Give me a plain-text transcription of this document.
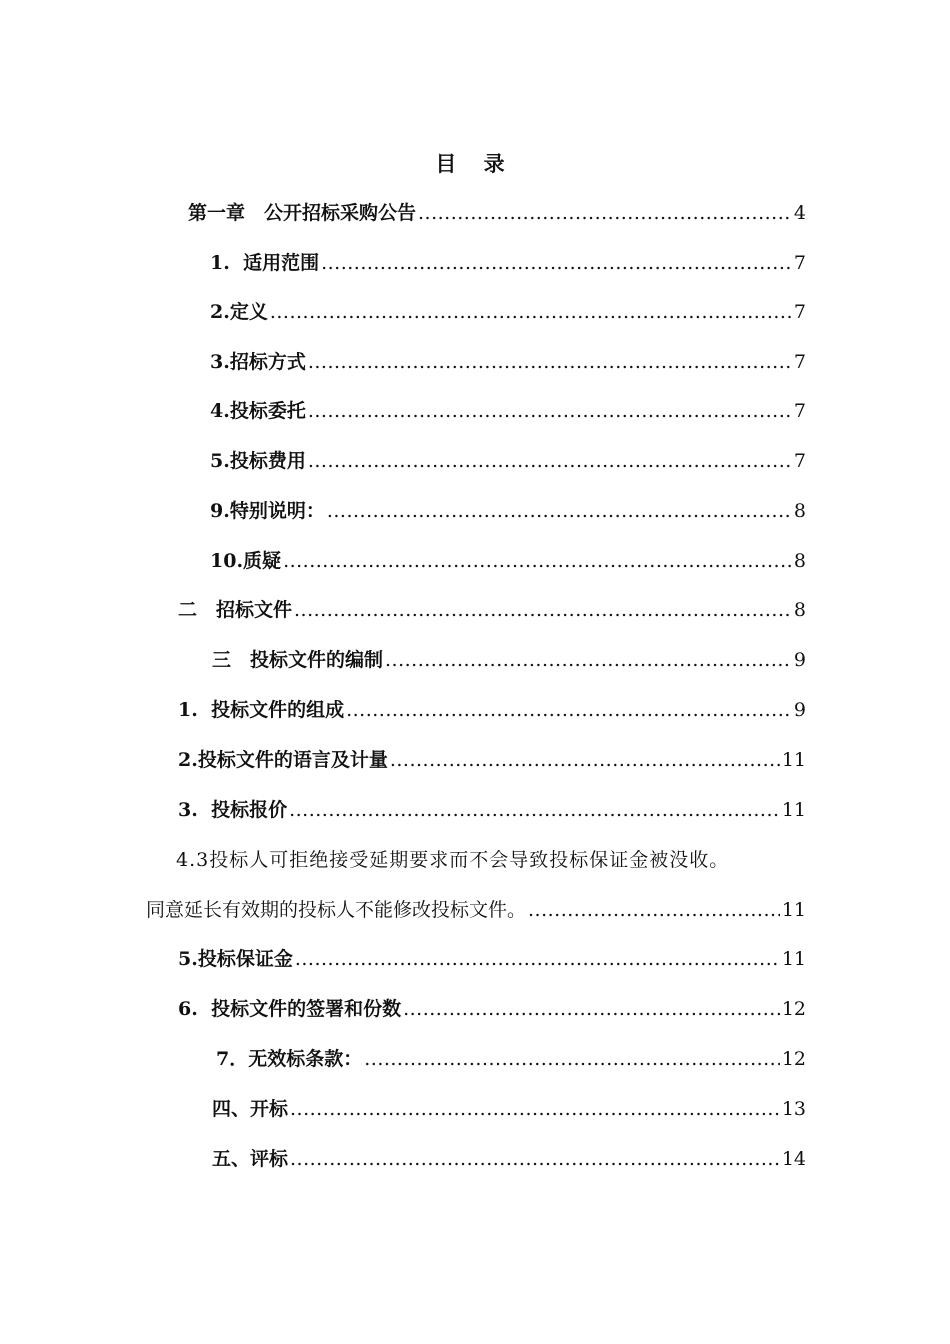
目 录
第一章　公开招标采购公告 .....	4
1.  适用范围 .....	7
2.定义 .....	7
3.招标方式 .....	7
4.投标委托 .....	7
5.投标费用 .....	7
9.特别说明： .....	8
10.质疑 .....	8
二　招标文件 .....	8
三　投标文件的编制 .....	9
1.  投标文件的组成 .....	9
2.投标文件的语言及计量 .....	11
3.  投标报价 .....	11
4.3投标人可拒绝接受延期要求而不会导致投标保证金被没收。
同意延长有效期的投标人不能修改投标文件。 .....	11
5.投标保证金 .....	11
6.  投标文件的签署和份数 .....	12
7．无效标条款： .....	12
四、开标 .....	13
五、评标 .....	14
